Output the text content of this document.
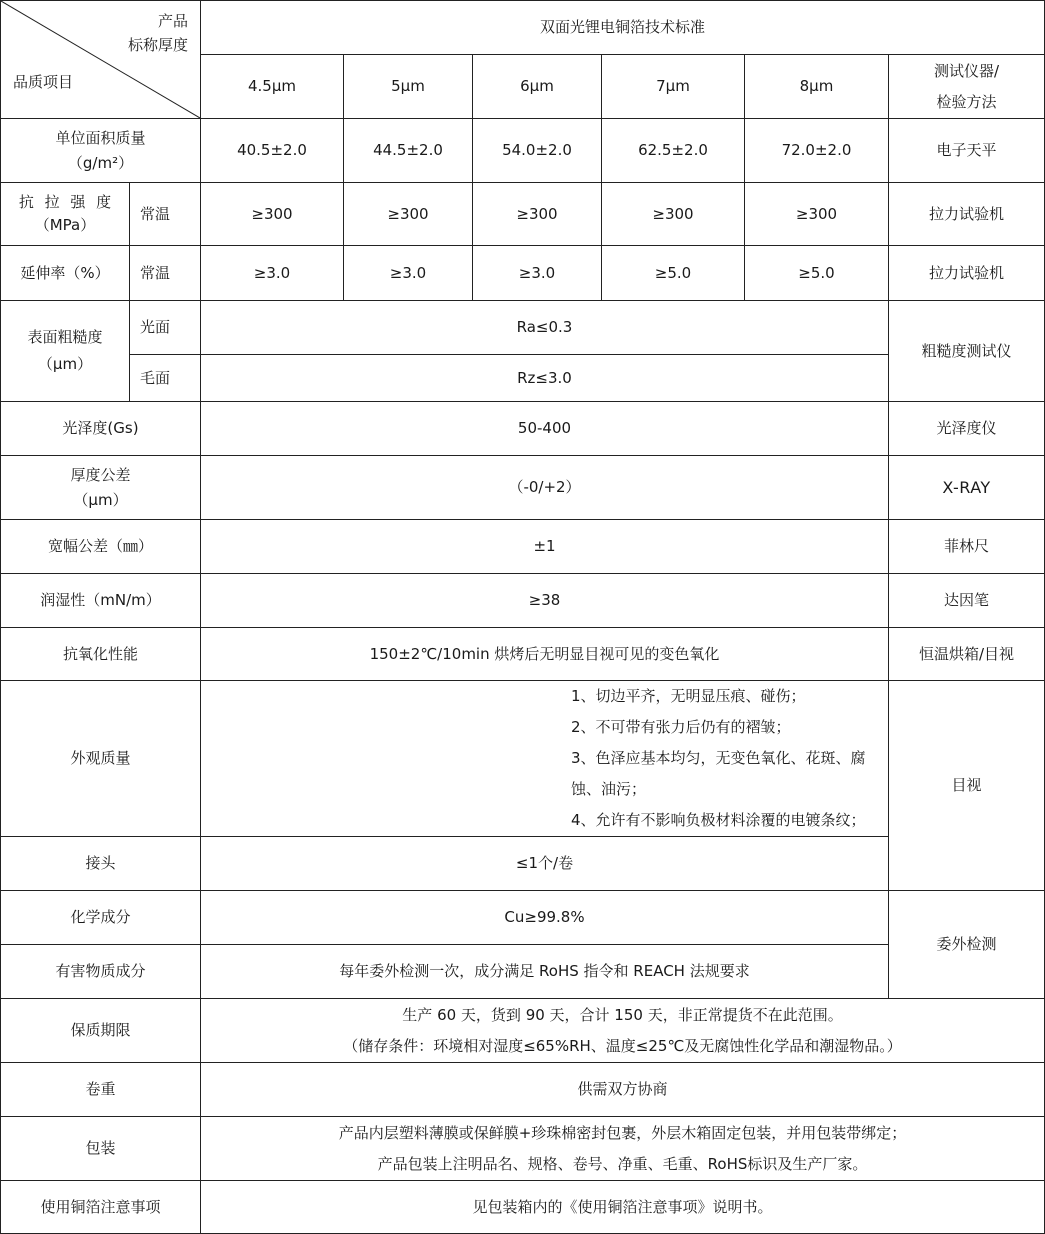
产品
标称厚度
品质项目		双面光锂电铜箔技术标准					
		4.5μm	5μm	6μm	7μm	8μm	测试仪器/
检验方法

单位面积质量
（g/m²）		40.5±2.0	44.5±2.0	54.0±2.0	62.5±2.0	72.0±2.0	电子天平

抗 拉 强 度
（MPa）	常温	≥300	≥300	≥300	≥300	≥300	拉力试验机
延伸率（%）	常温	≥3.0	≥3.0	≥3.0	≥5.0	≥5.0	拉力试验机

表面粗糙度
（μm）	光面	Ra≤0.3					粗糙度测试仪
	毛面	Rz≤3.0					
光泽度(Gs)		50-400					光泽度仪

厚度公差
（μm）		（-0/+2）					X-RAY
宽幅公差（㎜）		±1					菲林尺
润湿性（mN/m）		≥38					达因笔
抗氧化性能		150±2℃/10min 烘烤后无明显目视可见的变色氧化					恒温烘箱/目视
外观质量		1、切边平齐，无明显压痕、碰伤；
2、不可带有张力后仍有的褶皱；
3、色泽应基本均匀，无变色氧化、花斑、腐蚀、油污；
4、允许有不影响负极材料涂覆的电镀条纹；					目视
接头		≤1个/卷					
化学成分		Cu≥99.8%					委外检测
有害物质成分		每年委外检测一次，成分满足 RoHS 指令和 REACH 法规要求					
保质期限		生产 60 天，货到 90 天，合计 150 天，非正常提货不在此范围。
（储存条件：环境相对湿度≤65%RH、温度≤25℃及无腐蚀性化学品和潮湿物品。）					

卷重		供需双方协商					
包装		产品内层塑料薄膜或保鲜膜+珍珠棉密封包裹，外层木箱固定包装，并用包装带绑定；
产品包装上注明品名、规格、卷号、净重、毛重、RoHS标识及生产厂家。					

使用铜箔注意事项		见包装箱内的《使用铜箔注意事项》说明书。					
